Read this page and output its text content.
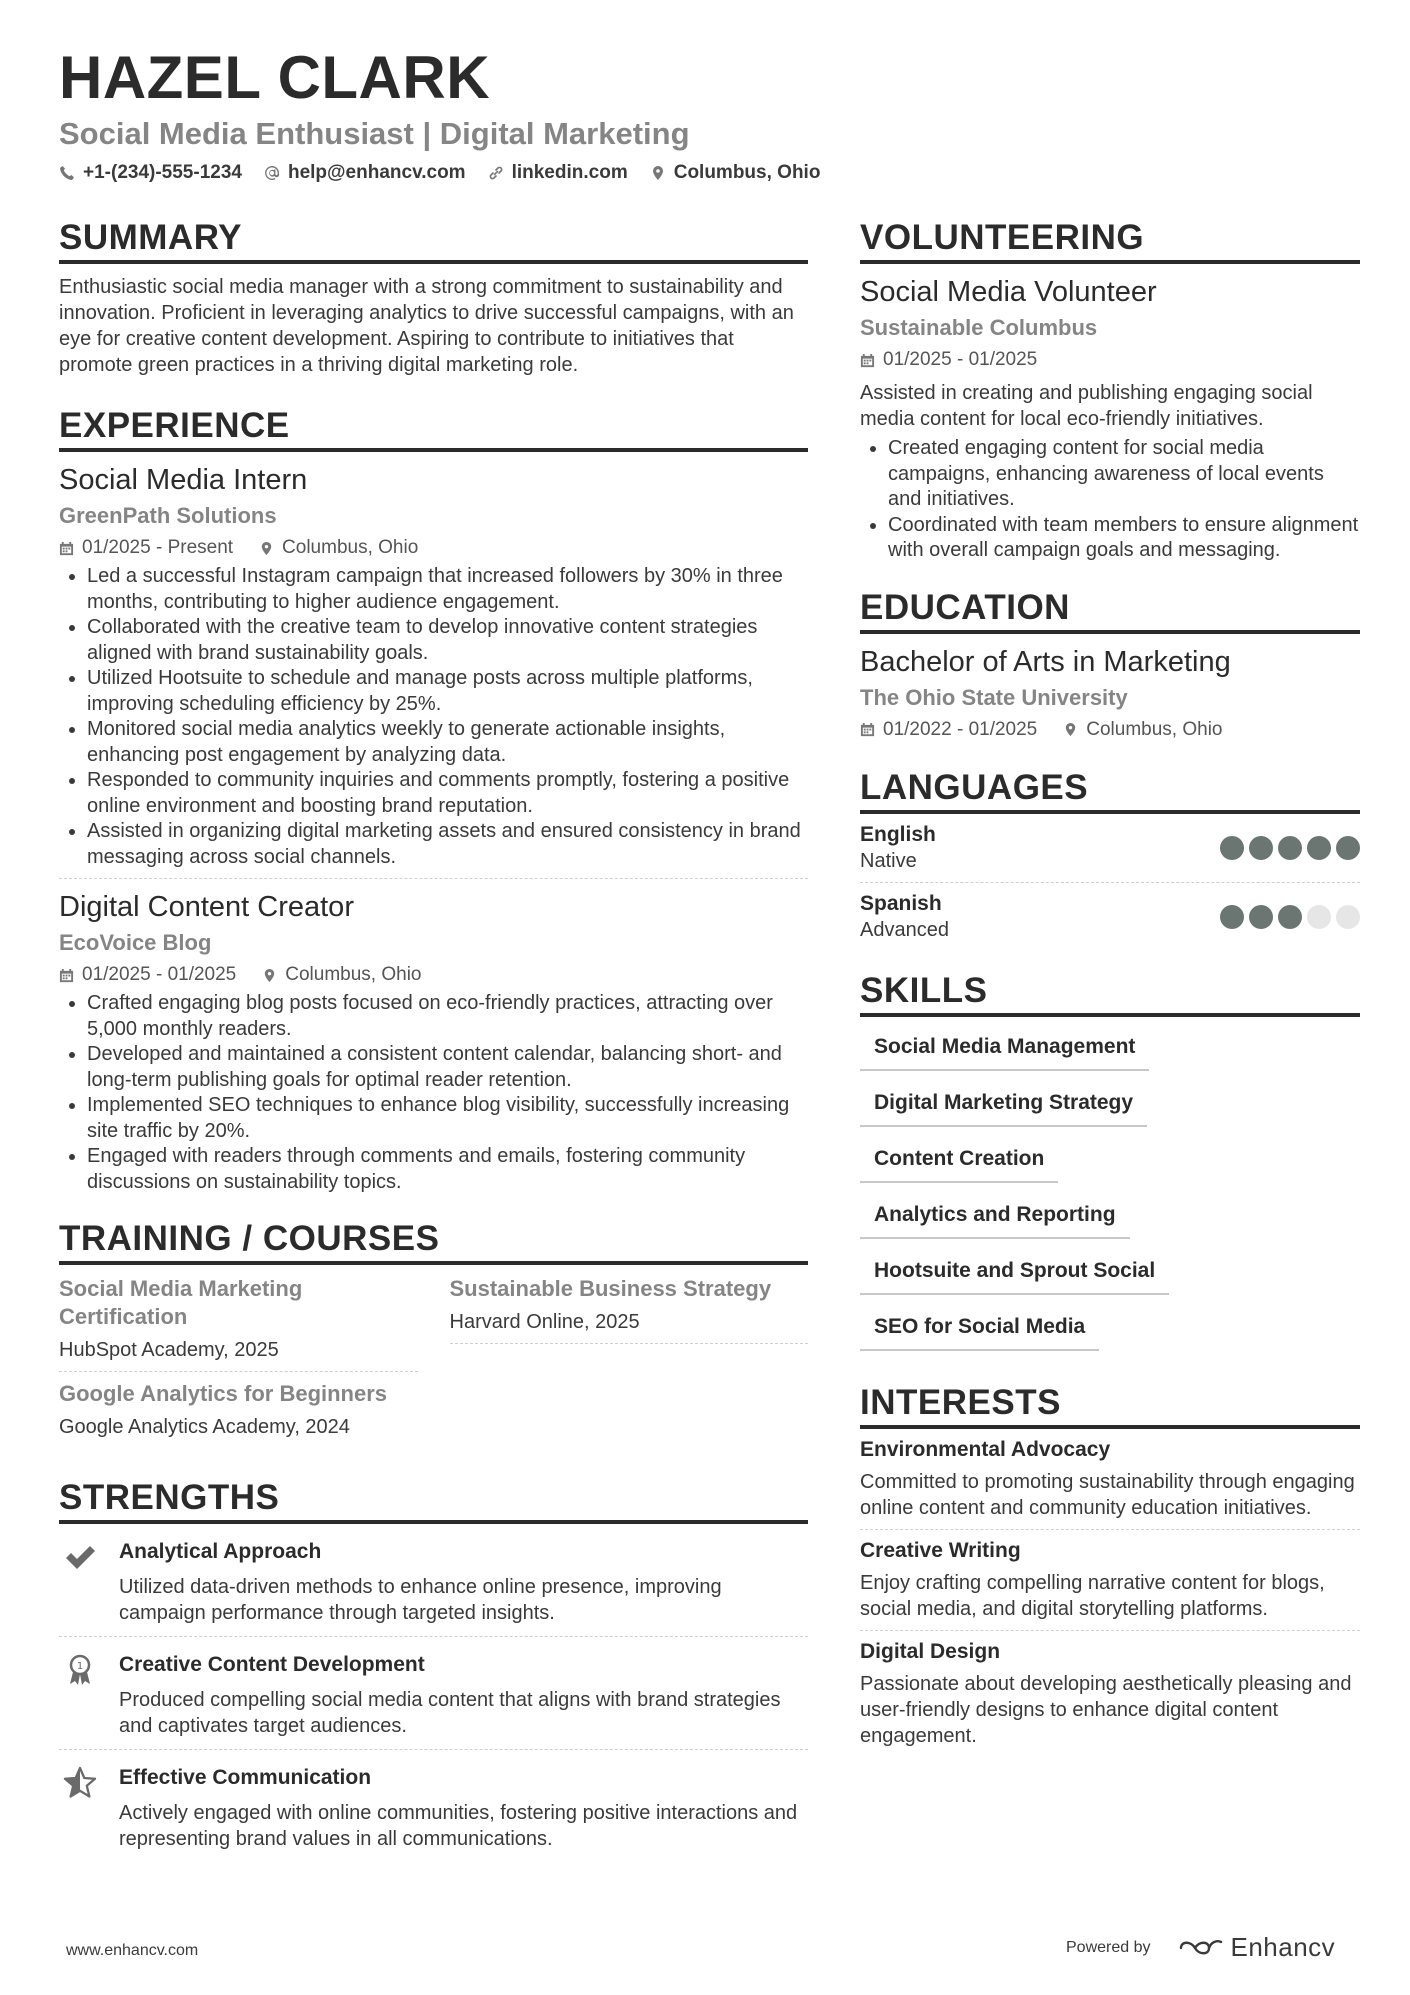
HAZEL CLARK
Social Media Enthusiast | Digital Marketing
+1-(234)-555-1234 help@enhancv.com linkedin.com Columbus, Ohio
SUMMARY

Enthusiastic social media manager with a strong commitment to sustainability and innovation. Proficient in leveraging analytics to drive successful campaigns, with an eye for creative content development. Aspiring to contribute to initiatives that promote green practices in a thriving digital marketing role.

EXPERIENCE
Social Media Intern
GreenPath Solutions
01/2025 - Present	Columbus, Ohio
• Led a successful Instagram campaign that increased followers by 30% in three months, contributing to higher audience engagement.
• Collaborated with the creative team to develop innovative content strategies aligned with brand sustainability goals.
• Utilized Hootsuite to schedule and manage posts across multiple platforms, improving scheduling efficiency by 25%.
• Monitored social media analytics weekly to generate actionable insights, enhancing post engagement by analyzing data.
• Responded to community inquiries and comments promptly, fostering a positive online environment and boosting brand reputation.
• Assisted in organizing digital marketing assets and ensured consistency in brand messaging across social channels.
Digital Content Creator
EcoVoice Blog
01/2025 - 01/2025	Columbus, Ohio
• Crafted engaging blog posts focused on eco-friendly practices, attracting over 5,000 monthly readers.
• Developed and maintained a consistent content calendar, balancing short- and long-term publishing goals for optimal reader retention.
• Implemented SEO techniques to enhance blog visibility, successfully increasing site traffic by 20%.
• Engaged with readers through comments and emails, fostering community discussions on sustainability topics.
TRAINING / COURSES
Social Media Marketing Certification
HubSpot Academy, 2025
Google Analytics for Beginners
Google Analytics Academy, 2024
Sustainable Business Strategy
Harvard Online, 2025
STRENGTHS
Analytical Approach

Utilized data-driven methods to enhance online presence, improving campaign performance through targeted insights.

1 Creative Content Development

Produced compelling social media content that aligns with brand strategies and captivates target audiences.

Effective Communication

Actively engaged with online communities, fostering positive interactions and representing brand values in all communications.

VOLUNTEERING
Social Media Volunteer
Sustainable Columbus
01/2025 - 01/2025

Assisted in creating and publishing engaging social media content for local eco-friendly initiatives.

• Created engaging content for social media campaigns, enhancing awareness of local events and initiatives.
• Coordinated with team members to ensure alignment with overall campaign goals and messaging.
EDUCATION
Bachelor of Arts in Marketing
The Ohio State University
01/2022 - 01/2025	Columbus, Ohio
LANGUAGES
English
Native
Spanish
Advanced
SKILLS
Social Media Management
Digital Marketing Strategy
Content Creation
Analytics and Reporting
Hootsuite and Sprout Social
SEO for Social Media
INTERESTS
Environmental Advocacy

Committed to promoting sustainability through engaging online content and community education initiatives.

Creative Writing

Enjoy crafting compelling narrative content for blogs, social media, and digital storytelling platforms.

Digital Design

Passionate about developing aesthetically pleasing and user-friendly designs to enhance digital content engagement.

www.enhancv.com	Powered by	Enhancv
